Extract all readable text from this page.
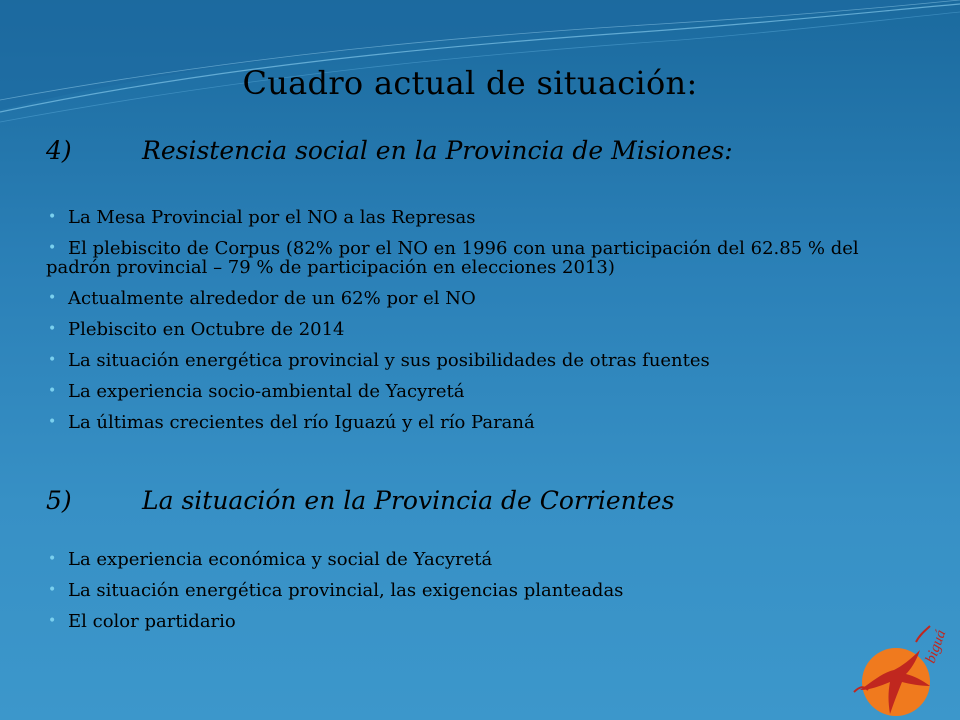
Cuadro actual de situación:
4)	Resistencia social en la Provincia de Misiones:
• La Mesa Provincial por el NO a las Represas
• El plebiscito de Corpus (82% por el NO en 1996 con una participación del 62.85 % del padrón provincial – 79 % de participación en elecciones 2013)
• Actualmente alrededor de un 62% por el NO
• Plebiscito en Octubre de 2014
• La situación energética provincial y sus posibilidades de otras fuentes
• La experiencia socio-ambiental de Yacyretá
• La últimas crecientes del río Iguazú y el río Paraná
5)	La situación en la Provincia de Corrientes
• La experiencia económica y social de Yacyretá
• La situación energética provincial, las exigencias planteadas
• El color partidario
biguá
